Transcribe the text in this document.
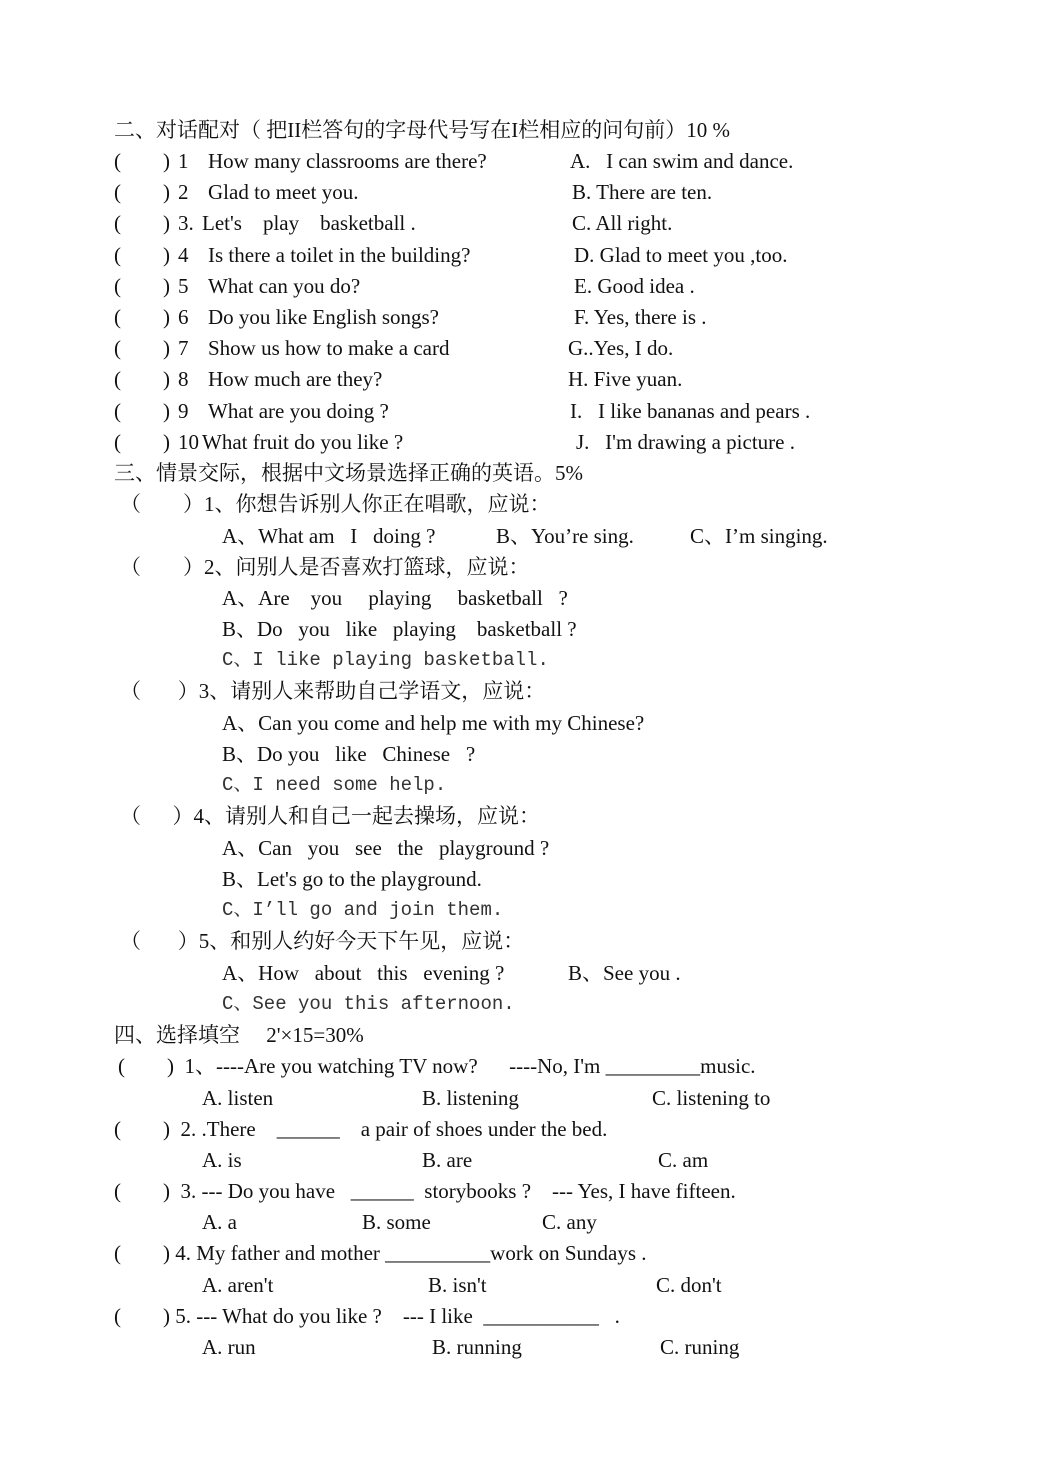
二、对话配对（ 把II栏答句的字母代号写在I栏相应的问句前）10 %
(        ) 1 How many classrooms are there?	A.   I can swim and dance.
(        ) 2 Glad to meet you.	B. There are ten.
(        ) 3. Let's    play    basketball .	C. All right.
(        ) 4 Is there a toilet in the building?	D. Glad to meet you ,too.
(        ) 5 What can you do?	E. Good idea .
(        ) 6 Do you like English songs?	F. Yes, there is .
(        ) 7 Show us how to make a card	G..Yes, I do.
(        ) 8 How much are they?	H. Five yuan.
(        ) 9 What are you doing ?	I.   I like bananas and pears .
(        ) 10 What fruit do you like ?	J.   I'm drawing a picture .
三、情景交际，根据中文场景选择正确的英语。5%
（        ）1、你想告诉别人你正在唱歌，应说：
A、What am   I   doing ?	B、You’re sing.	C、I’m singing.
（        ）2、问别人是否喜欢打篮球，应说：
A、Are    you     playing     basketball   ?
B、Do   you   like   playing    basketball ?
C、I like playing basketball.
（       ）3、请别人来帮助自己学语文，应说：
A、Can you come and help me with my Chinese?
B、Do you   like   Chinese   ?
C、I need some help.
（      ）4、请别人和自己一起去操场，应说：
A、Can   you   see   the   playground ?
B、Let's go to the playground.
C、I’ll go and join them.
（       ）5、和别人约好今天下午见，应说：
A、How   about   this   evening ?	B、See you .
C、See you this afternoon.
四、选择填空     2'×15=30%
(        )  1、----Are you watching TV now?      ----No, I'm _________music.
A. listen	B. listening	C. listening to
(        )  2. .There    ______    a pair of shoes under the bed.
A. is	B. are	C. am
(        )  3. --- Do you have   ______  storybooks ?    --- Yes, I have fifteen.
A. a	B. some	C. any
(        ) 4. My father and mother __________work on Sundays .
A. aren't	B. isn't	C. don't
(        ) 5. --- What do you like ?    --- I like  ___________   .
A. run	B. running	C. runing
